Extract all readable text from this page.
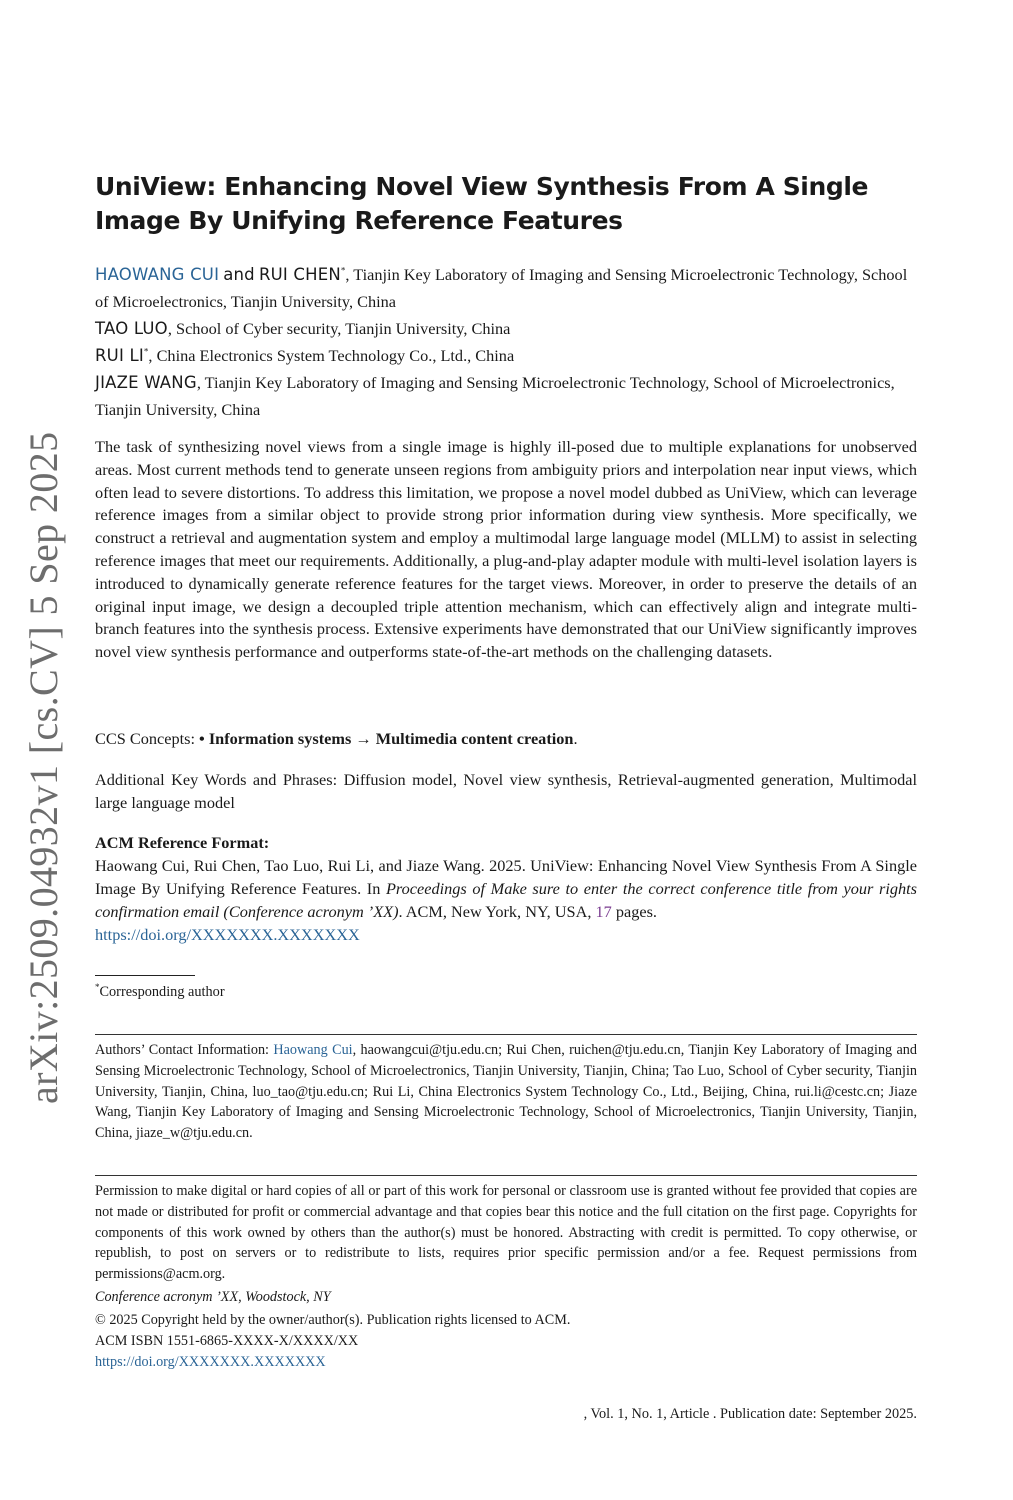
arXiv:2509.04932v1 [cs.CV] 5 Sep 2025
UniView: Enhancing Novel View Synthesis From A Single Image By Unifying Reference Features

HAOWANG CUI and RUI CHEN*, Tianjin Key Laboratory of Imaging and Sensing Microelectronic Technology, School of Microelectronics, Tianjin University, China

TAO LUO, School of Cyber security, Tianjin University, China

RUI LI*, China Electronics System Technology Co., Ltd., China

JIAZE WANG, Tianjin Key Laboratory of Imaging and Sensing Microelectronic Technology, School of Microelectronics, Tianjin University, China

The task of synthesizing novel views from a single image is highly ill-posed due to multiple explanations for unobserved areas. Most current methods tend to generate unseen regions from ambiguity priors and interpolation near input views, which often lead to severe distortions. To address this limitation, we propose a novel model dubbed as UniView, which can leverage reference images from a similar object to provide strong prior information during view synthesis. More specifically, we construct a retrieval and augmentation system and employ a multimodal large language model (MLLM) to assist in selecting reference images that meet our requirements. Additionally, a plug-and-play adapter module with multi-level isolation layers is introduced to dynamically generate reference features for the target views. Moreover, in order to preserve the details of an original input image, we design a decoupled triple attention mechanism, which can effectively align and integrate multi-branch features into the synthesis process. Extensive experiments have demonstrated that our UniView significantly improves novel view synthesis performance and outperforms state-of-the-art methods on the challenging datasets.

CCS Concepts: • Information systems → Multimedia content creation.

Additional Key Words and Phrases: Diffusion model, Novel view synthesis, Retrieval-augmented generation, Multimodal large language model

ACM Reference Format:

Haowang Cui, Rui Chen, Tao Luo, Rui Li, and Jiaze Wang. 2025. UniView: Enhancing Novel View Synthesis From A Single Image By Unifying Reference Features. In Proceedings of Make sure to enter the correct conference title from your rights confirmation email (Conference acronym ’XX). ACM, New York, NY, USA, 17 pages.
https://doi.org/XXXXXXX.XXXXXXX

*Corresponding author

Authors’ Contact Information: Haowang Cui, haowangcui@tju.edu.cn; Rui Chen, ruichen@tju.edu.cn, Tianjin Key Laboratory of Imaging and Sensing Microelectronic Technology, School of Microelectronics, Tianjin University, Tianjin, China; Tao Luo, School of Cyber security, Tianjin University, Tianjin, China, luo_tao@tju.edu.cn; Rui Li, China Electronics System Technology Co., Ltd., Beijing, China, rui.li@cestc.cn; Jiaze Wang, Tianjin Key Laboratory of Imaging and Sensing Microelectronic Technology, School of Microelectronics, Tianjin University, Tianjin, China, jiaze_w@tju.edu.cn.

Permission to make digital or hard copies of all or part of this work for personal or classroom use is granted without fee provided that copies are not made or distributed for profit or commercial advantage and that copies bear this notice and the full citation on the first page. Copyrights for components of this work owned by others than the author(s) must be honored. Abstracting with credit is permitted. To copy otherwise, or republish, to post on servers or to redistribute to lists, requires prior specific permission and/or a fee. Request permissions from permissions@acm.org.

Conference acronym ’XX, Woodstock, NY

© 2025 Copyright held by the owner/author(s). Publication rights licensed to ACM.

ACM ISBN 1551-6865-XXXX-X/XXXX/XX

https://doi.org/XXXXXXX.XXXXXXX

, Vol. 1, No. 1, Article . Publication date: September 2025.
